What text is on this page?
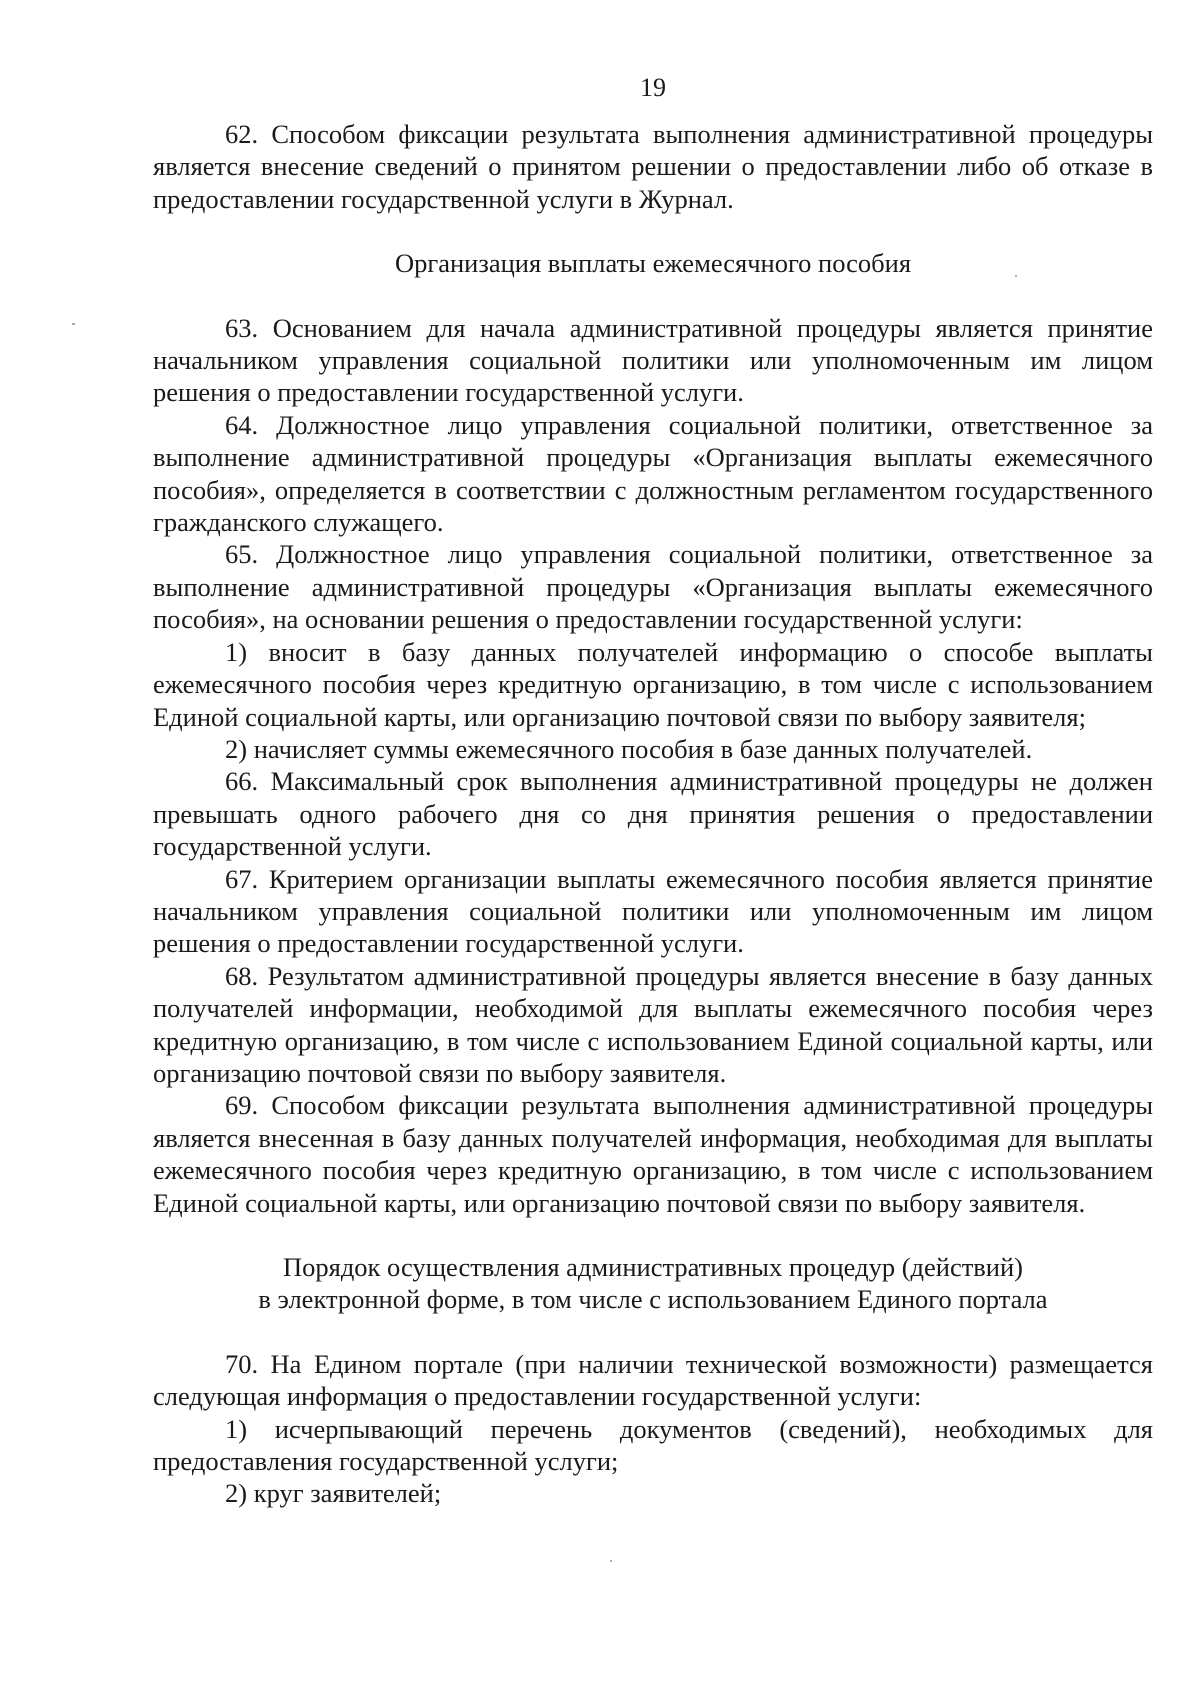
19

62. Способом фиксации результата выполнения административной процедуры является внесение сведений о принятом решении о предоставлении либо об отказе в предоставлении государственной услуги в Журнал.

Организация выплаты ежемесячного пособия

63. Основанием для начала административной процедуры является принятие начальником управления социальной политики или уполномоченным им лицом решения о предоставлении государственной услуги.

64. Должностное лицо управления социальной политики, ответственное за выполнение административной процедуры «Организация выплаты ежемесячного пособия», определяется в соответствии с должностным регламентом государственного гражданского служащего.

65. Должностное лицо управления социальной политики, ответственное за выполнение административной процедуры «Организация выплаты ежемесячного пособия», на основании решения о предоставлении государственной услуги:

1) вносит в базу данных получателей информацию о способе выплаты ежемесячного пособия через кредитную организацию, в том числе с использованием Единой социальной карты, или организацию почтовой связи по выбору заявителя;

2) начисляет суммы ежемесячного пособия в базе данных получателей.

66. Максимальный срок выполнения административной процедуры не должен превышать одного рабочего дня со дня принятия решения о предоставлении государственной услуги.

67. Критерием организации выплаты ежемесячного пособия является принятие начальником управления социальной политики или уполномоченным им лицом решения о предоставлении государственной услуги.

68. Результатом административной процедуры является внесение в базу данных получателей информации, необходимой для выплаты ежемесячного пособия через кредитную организацию, в том числе с использованием Единой социальной карты, или организацию почтовой связи по выбору заявителя.

69. Способом фиксации результата выполнения административной процедуры является внесенная в базу данных получателей информация, необходимая для выплаты ежемесячного пособия через кредитную организацию, в том числе с использованием Единой социальной карты, или организацию почтовой связи по выбору заявителя.

Порядок осуществления административных процедур (действий)

в электронной форме, в том числе с использованием Единого портала

70. На Едином портале (при наличии технической возможности) размещается следующая информация о предоставлении государственной услуги:

1) исчерпывающий перечень документов (сведений), необходимых для предоставления государственной услуги;

2) круг заявителей;
